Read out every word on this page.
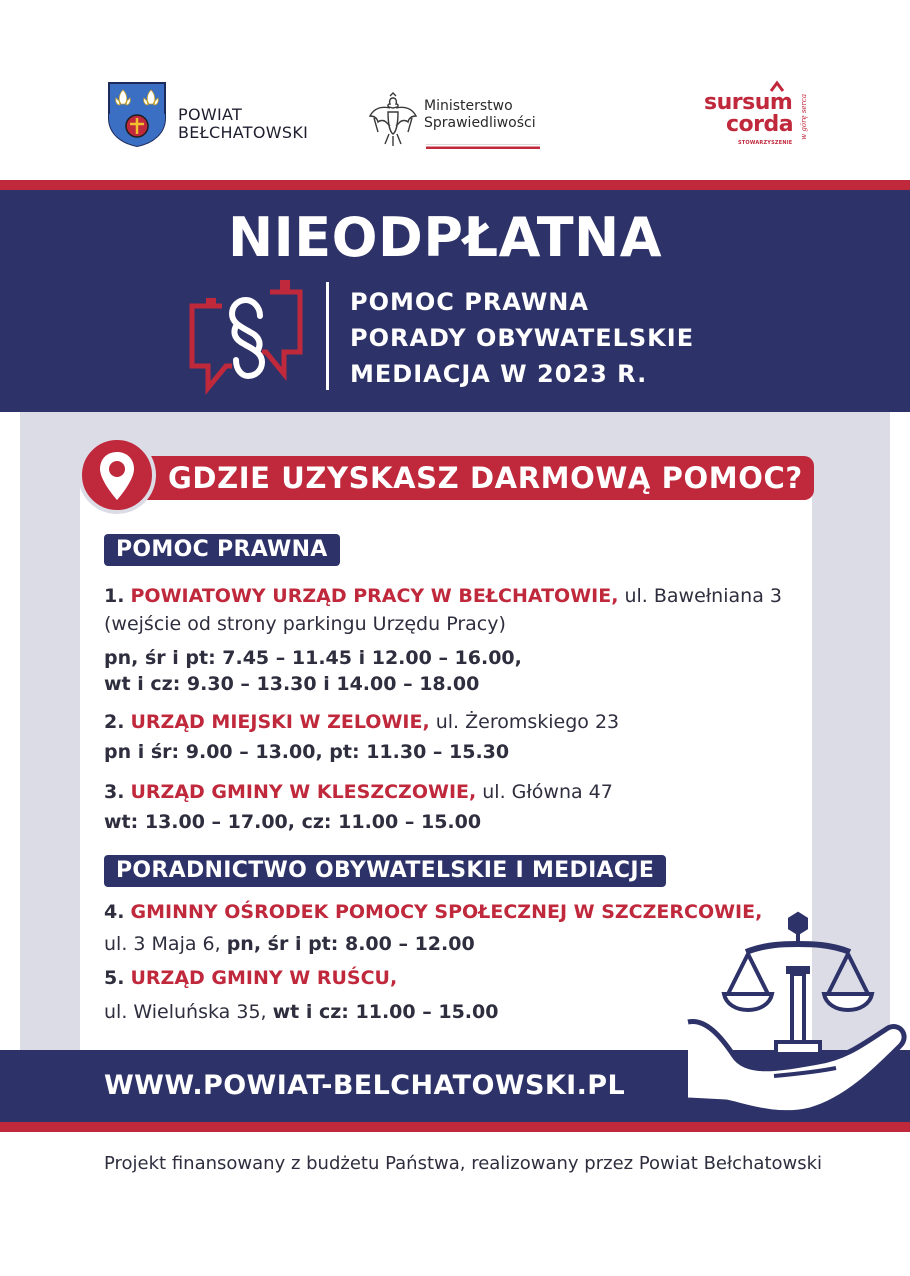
POWIAT
BEŁCHATOWSKI
Ministerstwo
Sprawiedliwości
sursum
corda
STOWARZYSZENIE
w górę serca
NIEODPŁATNA
POMOC PRAWNA
PORADY OBYWATELSKIE
MEDIACJA W 2023 R.
GDZIE UZYSKASZ DARMOWĄ POMOC?
POMOC PRAWNA
1. POWIATOWY URZĄD PRACY W BEŁCHATOWIE, ul. Bawełniana 3
(wejście od strony parkingu Urzędu Pracy)
pn, śr i pt: 7.45 – 11.45 i 12.00 – 16.00,
wt i cz: 9.30 – 13.30 i 14.00 – 18.00
2. URZĄD MIEJSKI W ZELOWIE, ul. Żeromskiego 23
pn i śr: 9.00 – 13.00, pt: 11.30 – 15.30
3. URZĄD GMINY W KLESZCZOWIE, ul. Główna 47
wt: 13.00 – 17.00, cz: 11.00 – 15.00
PORADNICTWO OBYWATELSKIE I MEDIACJE
4. GMINNY OŚRODEK POMOCY SPOŁECZNEJ W SZCZERCOWIE,
ul. 3 Maja 6, pn, śr i pt: 8.00 – 12.00
5. URZĄD GMINY W RUŚCU,
ul. Wieluńska 35, wt i cz: 11.00 – 15.00
WWW.POWIAT-BELCHATOWSKI.PL
Projekt finansowany z budżetu Państwa, realizowany przez Powiat Bełchatowski
